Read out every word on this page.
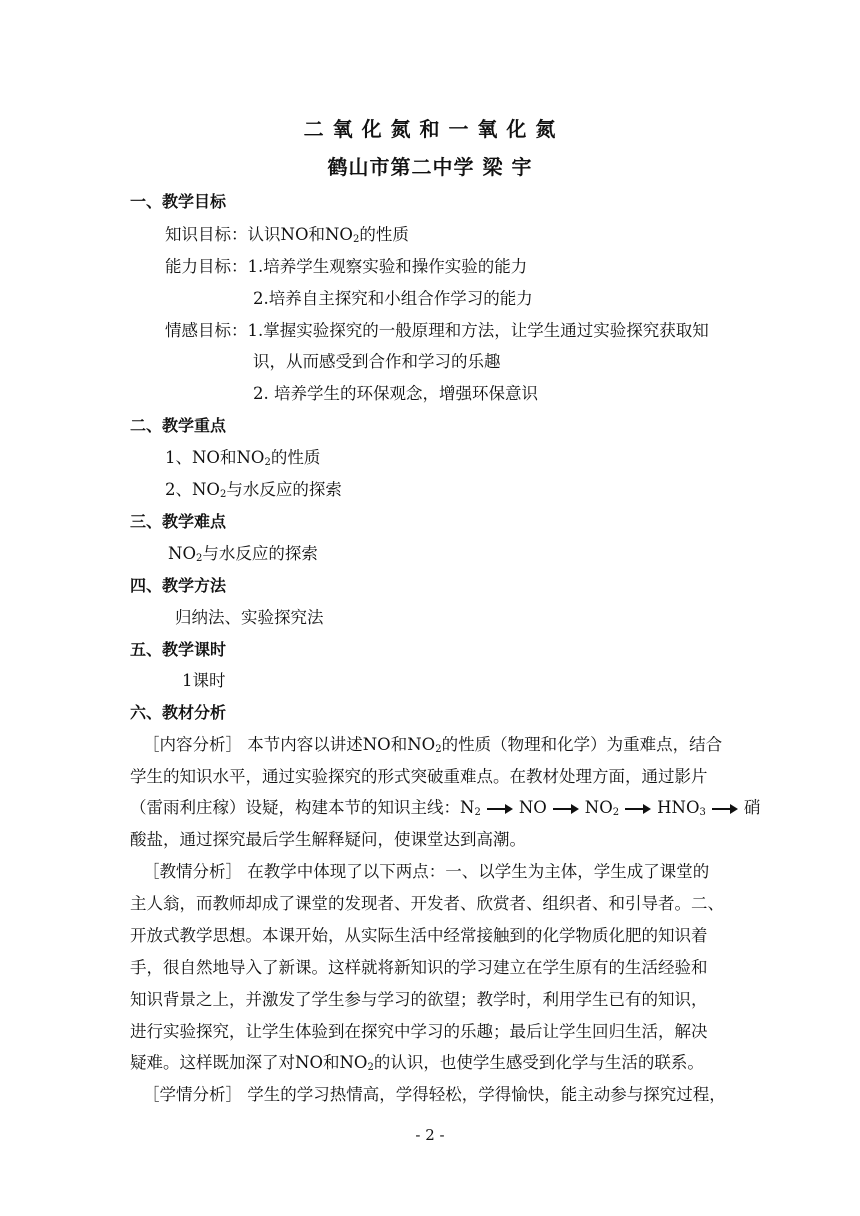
二 氧 化 氮 和 一 氧 化 氮
鹤山市第二中学 梁 宇
一、教学目标
知识目标：认识NO和$NO_2$的性质
能力目标：1.培养学生观察实验和操作实验的能力
2.培养自主探究和小组合作学习的能力
情感目标：1.掌握实验探究的一般原理和方法，让学生通过实验探究获取知
识，从而感受到合作和学习的乐趣
2. 培养学生的环保观念，增强环保意识
二、教学重点
1、NO和$NO_2$的性质
2、$NO_2$与水反应的探索
三、教学难点
$NO_2$与水反应的探索
四、教学方法
归纳法、实验探究法
五、教学课时
1课时
六、教材分析
［内容分析］ 本节内容以讲述NO和$NO_2$的性质（物理和化学）为重难点，结合
学生的知识水平，通过实验探究的形式突破重难点。在教材处理方面，通过影片
（雷雨利庄稼）设疑，构建本节的知识主线：$N_2$ NO $NO_2$ $HNO_3$ 硝
酸盐，通过探究最后学生解释疑问，使课堂达到高潮。
［教情分析］ 在教学中体现了以下两点：一、以学生为主体，学生成了课堂的
主人翁，而教师却成了课堂的发现者、开发者、欣赏者、组织者、和引导者。二、
开放式教学思想。本课开始，从实际生活中经常接触到的化学物质化肥的知识着
手，很自然地导入了新课。这样就将新知识的学习建立在学生原有的生活经验和
知识背景之上，并激发了学生参与学习的欲望；教学时，利用学生已有的知识，
进行实验探究，让学生体验到在探究中学习的乐趣；最后让学生回归生活，解决
疑难。这样既加深了对NO和$NO_2$的认识，也使学生感受到化学与生活的联系。
［学情分析］ 学生的学习热情高，学得轻松，学得愉快，能主动参与探究过程，
- 2 -
